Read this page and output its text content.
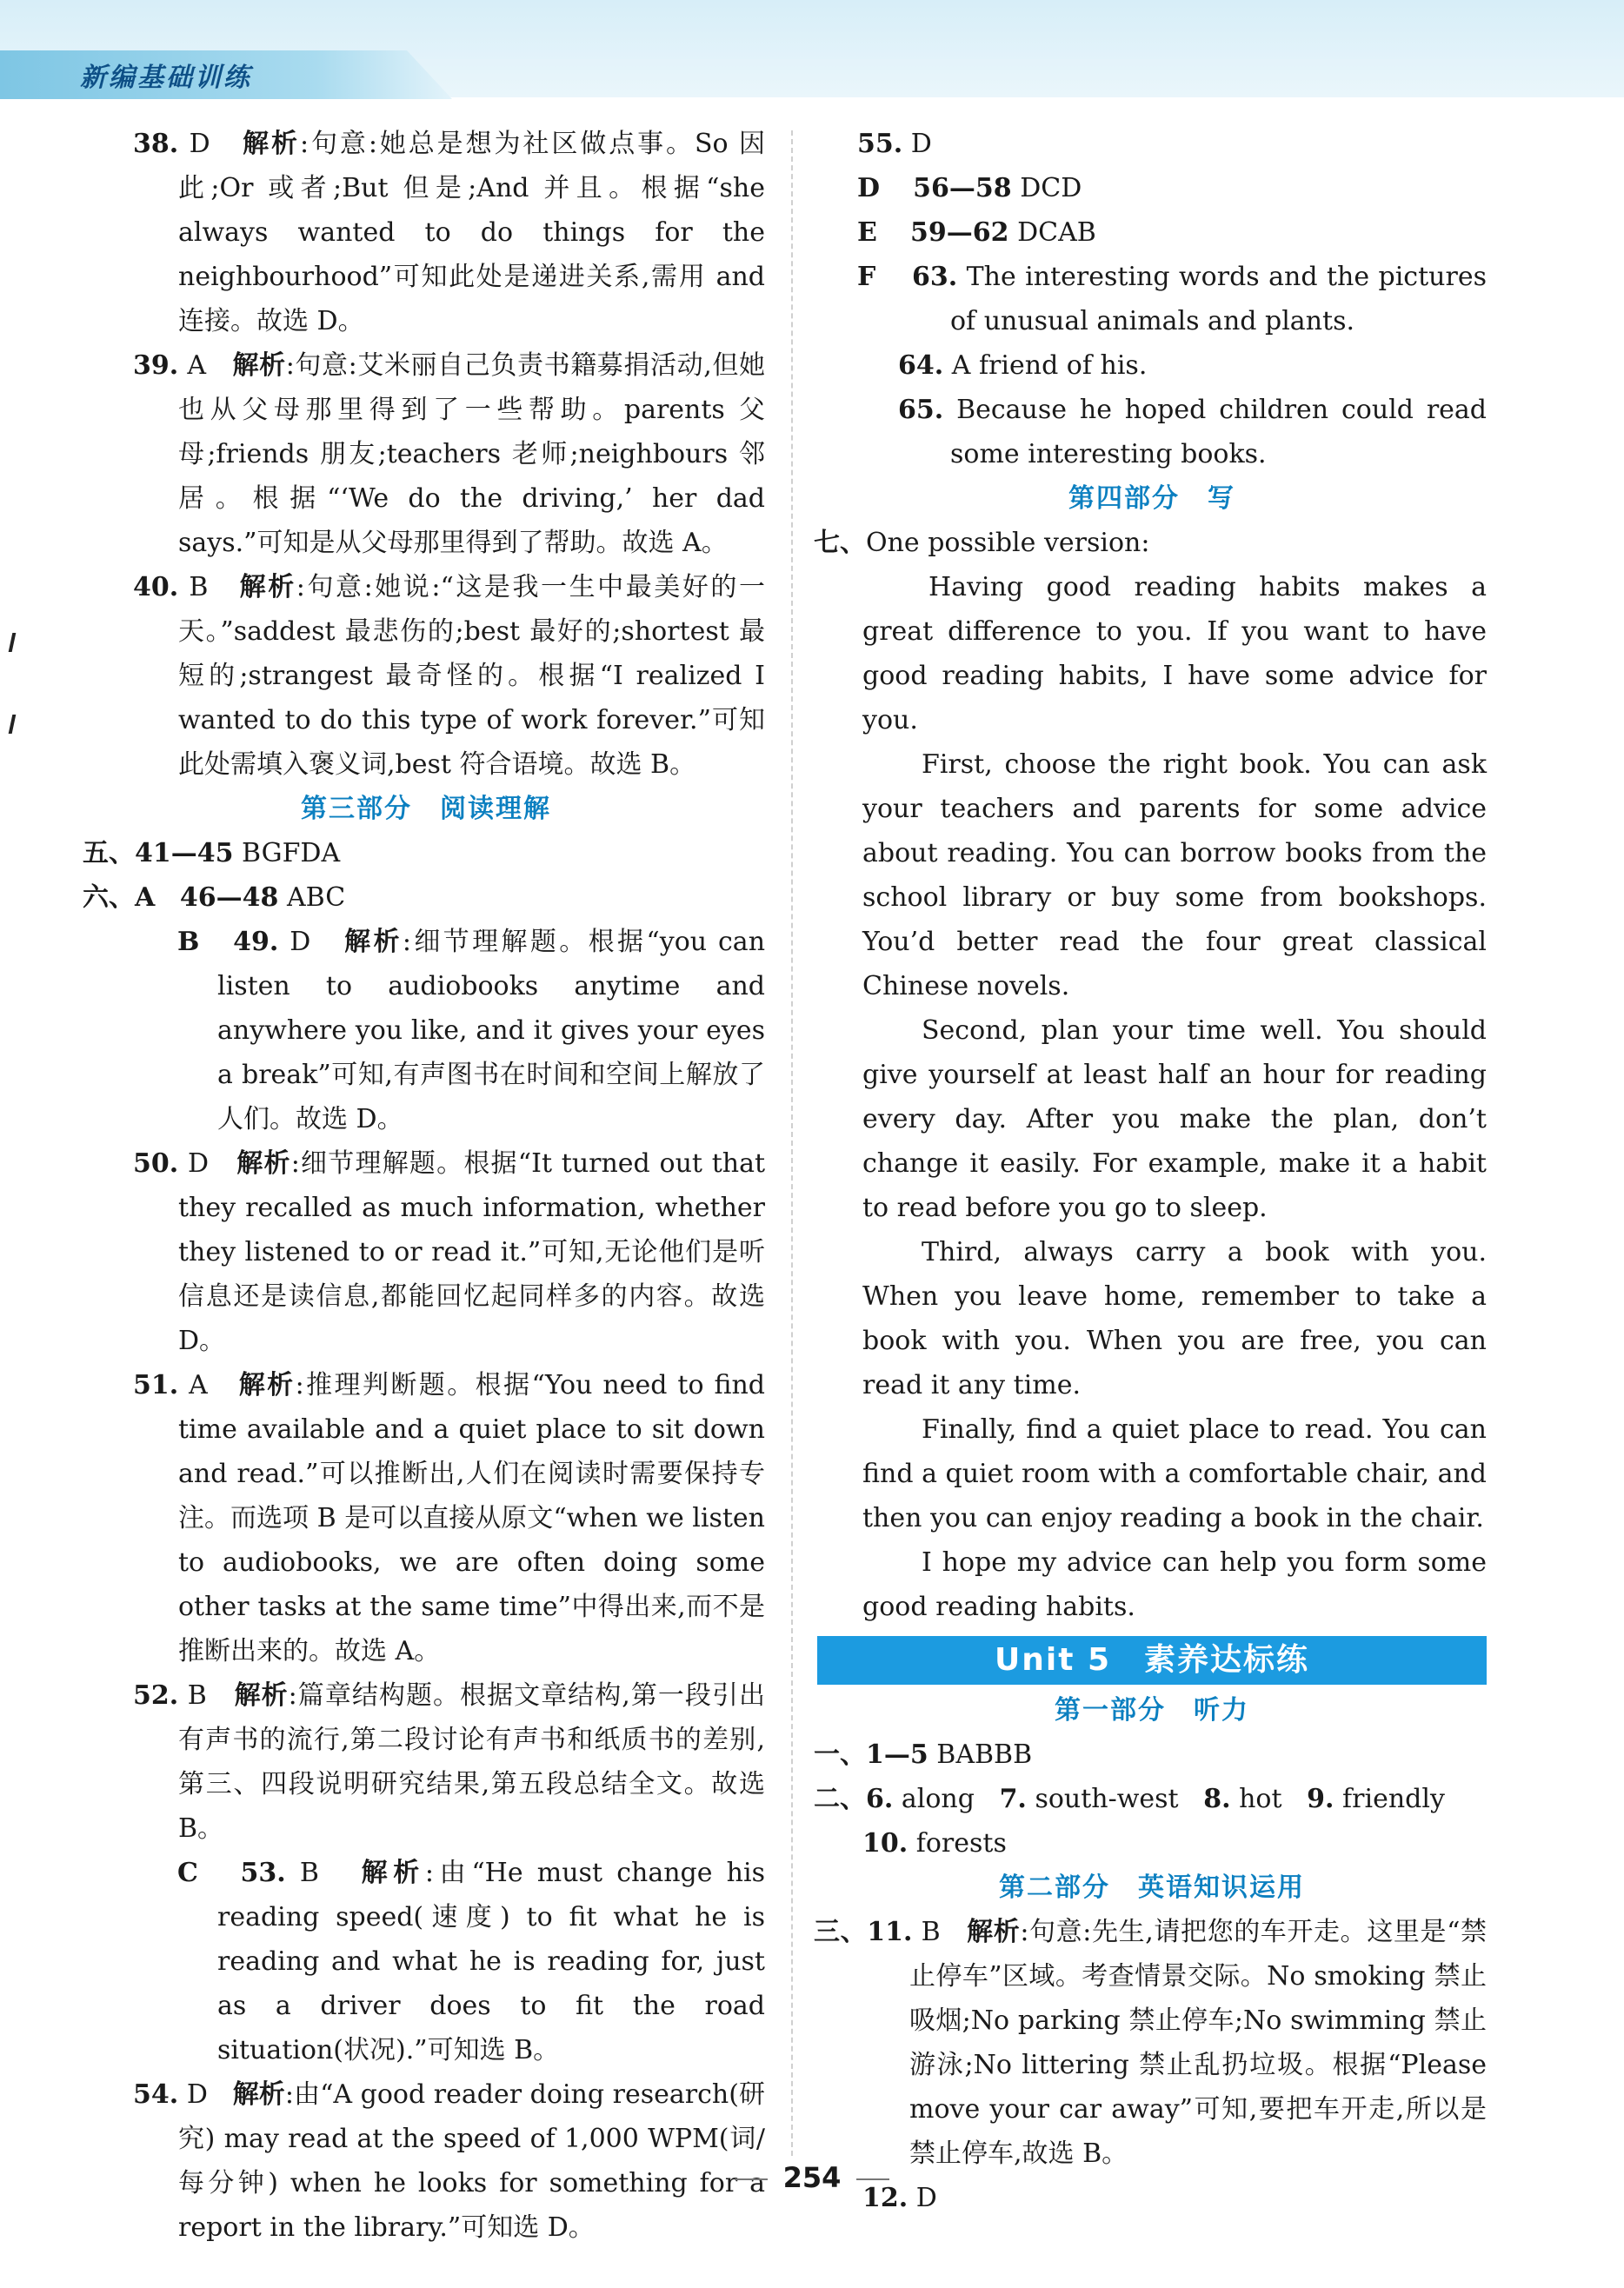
新编基础训练

38. D 解析:句意:她总是想为社区做点事。So 因此;Or 或者;But 但是;And 并且。根据“she always wanted to do things for the neighbourhood”可知此处是递进关系,需用 and 连接。故选 D。

39. A 解析:句意:艾米丽自己负责书籍募捐活动,但她也从父母那里得到了一些帮助。parents 父母;friends 朋友;teachers 老师;neighbours 邻居。根据“‘We do the driving,’ her dad says.”可知是从父母那里得到了帮助。故选 A。

40. B 解析:句意:她说:“这是我一生中最美好的一天。”saddest 最悲伤的;best 最好的;shortest 最短的;strangest 最奇怪的。根据“I realized I wanted to do this type of work forever.”可知此处需填入褒义词,best 符合语境。故选 B。

第三部分　阅读理解

五、41—45 BGFDA

六、A 46—48 ABC

B 49. D 解析:细节理解题。根据“you can listen to audiobooks anytime and anywhere you like, and it gives your eyes a break”可知,有声图书在时间和空间上解放了人们。故选 D。

50. D 解析:细节理解题。根据“It turned out that they recalled as much information, whether they listened to or read it.”可知,无论他们是听信息还是读信息,都能回忆起同样多的内容。故选 D。

51. A 解析:推理判断题。根据“You need to find time available and a quiet place to sit down and read.”可以推断出,人们在阅读时需要保持专注。而选项 B 是可以直接从原文“when we listen to audiobooks, we are often doing some other tasks at the same time”中得出来,而不是推断出来的。故选 A。

52. B 解析:篇章结构题。根据文章结构,第一段引出有声书的流行,第二段讨论有声书和纸质书的差别,第三、四段说明研究结果,第五段总结全文。故选 B。

C 53. B 解析:由“He must change his reading speed(速度) to fit what he is reading and what he is reading for, just as a driver does to fit the road situation(状况).”可知选 B。

54. D 解析:由“A good reader doing research(研究) may read at the speed of 1,000 WPM(词/每分钟) when he looks for something for a report in the library.”可知选 D。

55. D

D 56—58 DCD

E 59—62 DCAB

F 63. The interesting words and the pictures of unusual animals and plants.

64. A friend of his.

65. Because he hoped children could read some interesting books.

第四部分　写

七、One possible version:

Having good reading habits makes a great difference to you. If you want to have good reading habits, I have some advice for you.

First, choose the right book. You can ask your teachers and parents for some advice about reading. You can borrow books from the school library or buy some from bookshops. You’d better read the four great classical Chinese novels.

Second, plan your time well. You should give yourself at least half an hour for reading every day. After you make the plan, don’t change it easily. For example, make it a habit to read before you go to sleep.

Third, always carry a book with you. When you leave home, remember to take a book with you. When you are free, you can read it any time.

Finally, find a quiet place to read. You can find a quiet room with a comfortable chair, and then you can enjoy reading a book in the chair.

I hope my advice can help you form some good reading habits.

Unit 5　素养达标练

第一部分　听力

一、1—5 BABBB

二、6. along 7. south-west 8. hot 9. friendly
10. forests

第二部分　英语知识运用

三、11. B 解析:句意:先生,请把您的车开走。这里是“禁止停车”区域。考查情景交际。No smoking 禁止吸烟;No parking 禁止停车;No swimming 禁止游泳;No littering 禁止乱扔垃圾。根据“Please move your car away”可知,要把车开走,所以是禁止停车,故选 B。

12. D

254
